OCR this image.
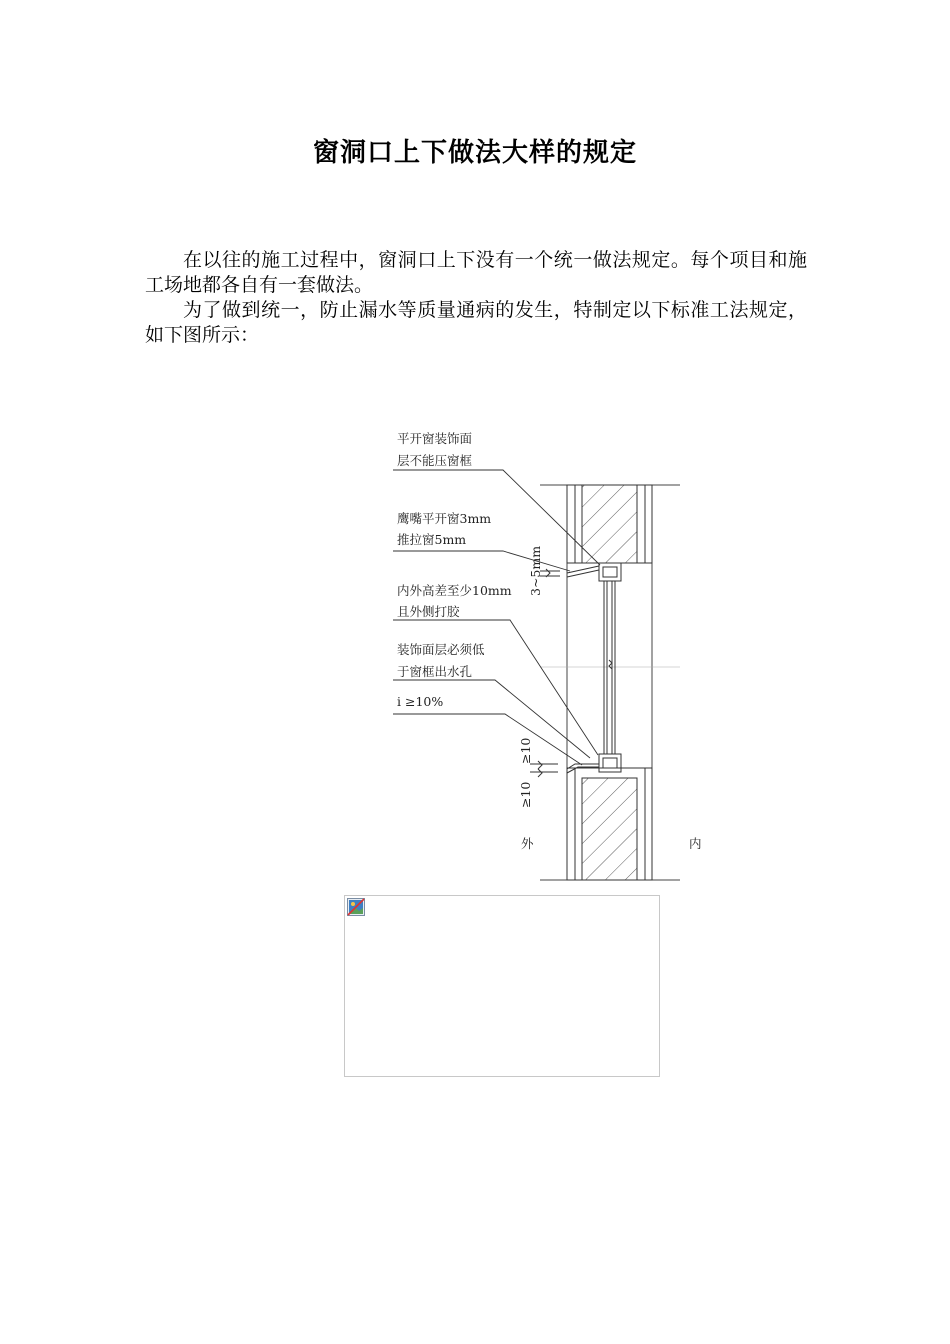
窗洞口上下做法大样的规定

在以往的施工过程中，窗洞口上下没有一个统一做法规定。每个项目和施工场地都各自有一套做法。

为了做到统一，防止漏水等质量通病的发生，特制定以下标准工法规定，如下图所示：

平开窗装饰面
层不能压窗框
鹰嘴平开窗3mm
推拉窗5mm
内外高差至少10mm
且外侧打胶
装饰面层必须低
于窗框出水孔
i ≥10%
3~5mm
≥10
≥10
外	内
